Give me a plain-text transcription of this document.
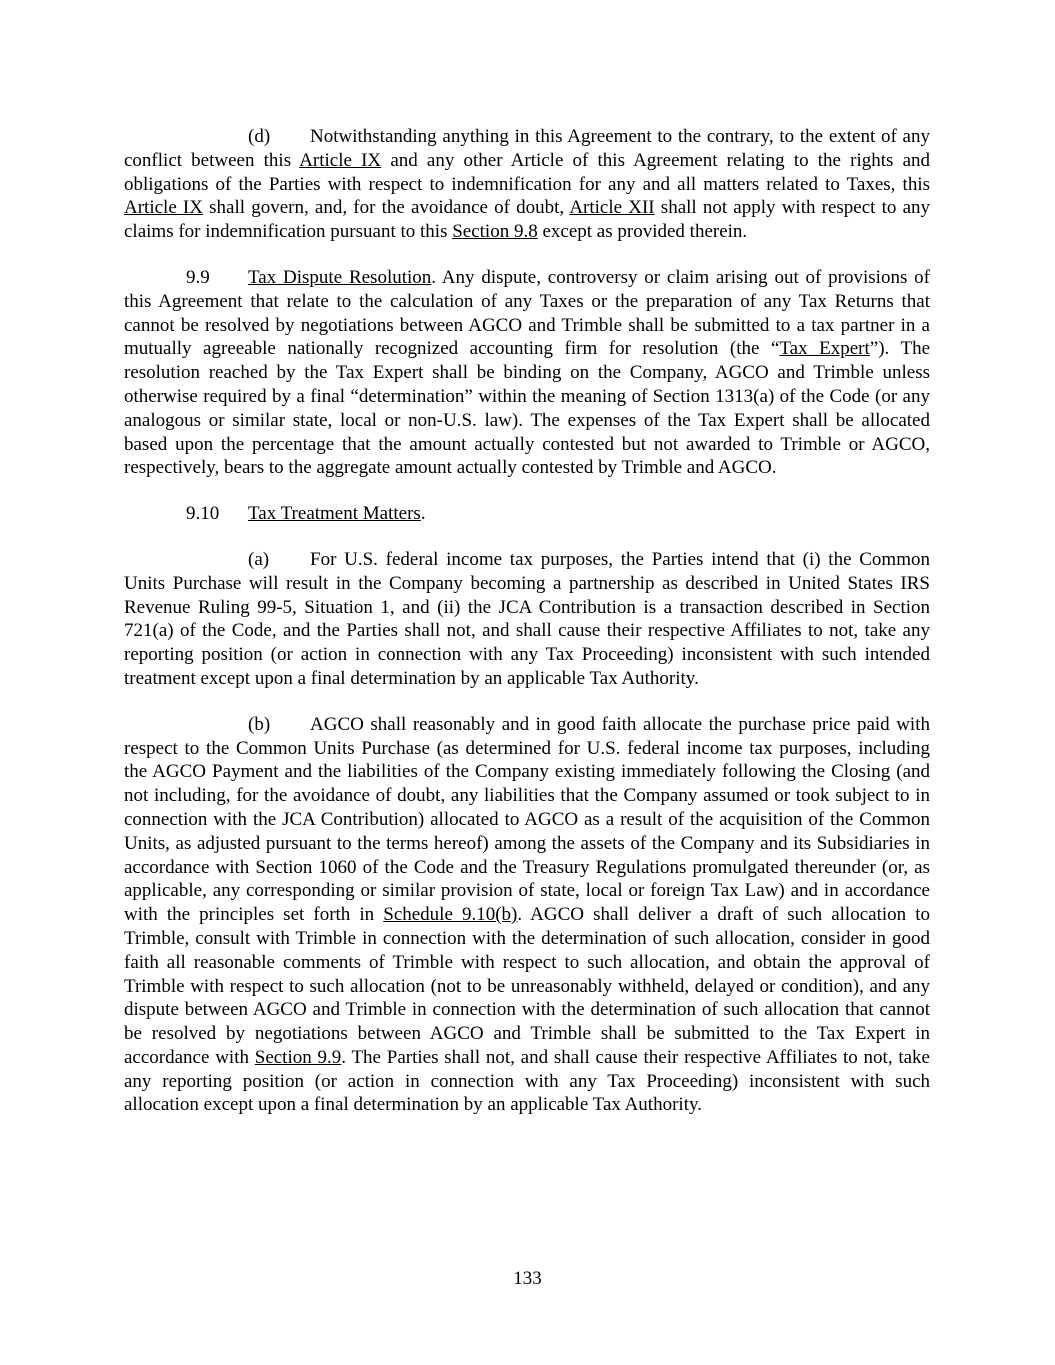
(d) Notwithstanding anything in this Agreement to the contrary, to the extent of any conflict between this Article IX and any other Article of this Agreement relating to the rights and obligations of the Parties with respect to indemnification for any and all matters related to Taxes, this Article IX shall govern, and, for the avoidance of doubt, Article XII shall not apply with respect to any claims for indemnification pursuant to this Section 9.8 except as provided therein.

9.9 Tax Dispute Resolution. Any dispute, controversy or claim arising out of provisions of this Agreement that relate to the calculation of any Taxes or the preparation of any Tax Returns that cannot be resolved by negotiations between AGCO and Trimble shall be submitted to a tax partner in a mutually agreeable nationally recognized accounting firm for resolution (the “Tax Expert”). The resolution reached by the Tax Expert shall be binding on the Company, AGCO and Trimble unless otherwise required by a final “determination” within the meaning of Section 1313(a) of the Code (or any analogous or similar state, local or non-U.S. law). The expenses of the Tax Expert shall be allocated based upon the percentage that the amount actually contested but not awarded to Trimble or AGCO, respectively, bears to the aggregate amount actually contested by Trimble and AGCO.

9.10 Tax Treatment Matters.

(a) For U.S. federal income tax purposes, the Parties intend that (i) the Common Units Purchase will result in the Company becoming a partnership as described in United States IRS Revenue Ruling 99-5, Situation 1, and (ii) the JCA Contribution is a transaction described in Section 721(a) of the Code, and the Parties shall not, and shall cause their respective Affiliates to not, take any reporting position (or action in connection with any Tax Proceeding) inconsistent with such intended treatment except upon a final determination by an applicable Tax Authority.

(b) AGCO shall reasonably and in good faith allocate the purchase price paid with respect to the Common Units Purchase (as determined for U.S. federal income tax purposes, including the AGCO Payment and the liabilities of the Company existing immediately following the Closing (and not including, for the avoidance of doubt, any liabilities that the Company assumed or took subject to in connection with the JCA Contribution) allocated to AGCO as a result of the acquisition of the Common Units, as adjusted pursuant to the terms hereof) among the assets of the Company and its Subsidiaries in accordance with Section 1060 of the Code and the Treasury Regulations promulgated thereunder (or, as applicable, any corresponding or similar provision of state, local or foreign Tax Law) and in accordance with the principles set forth in Schedule 9.10(b). AGCO shall deliver a draft of such allocation to Trimble, consult with Trimble in connection with the determination of such allocation, consider in good faith all reasonable comments of Trimble with respect to such allocation, and obtain the approval of Trimble with respect to such allocation (not to be unreasonably withheld, delayed or condition), and any dispute between AGCO and Trimble in connection with the determination of such allocation that cannot be resolved by negotiations between AGCO and Trimble shall be submitted to the Tax Expert in accordance with Section 9.9. The Parties shall not, and shall cause their respective Affiliates to not, take any reporting position (or action in connection with any Tax Proceeding) inconsistent with such allocation except upon a final determination by an applicable Tax Authority.

133
